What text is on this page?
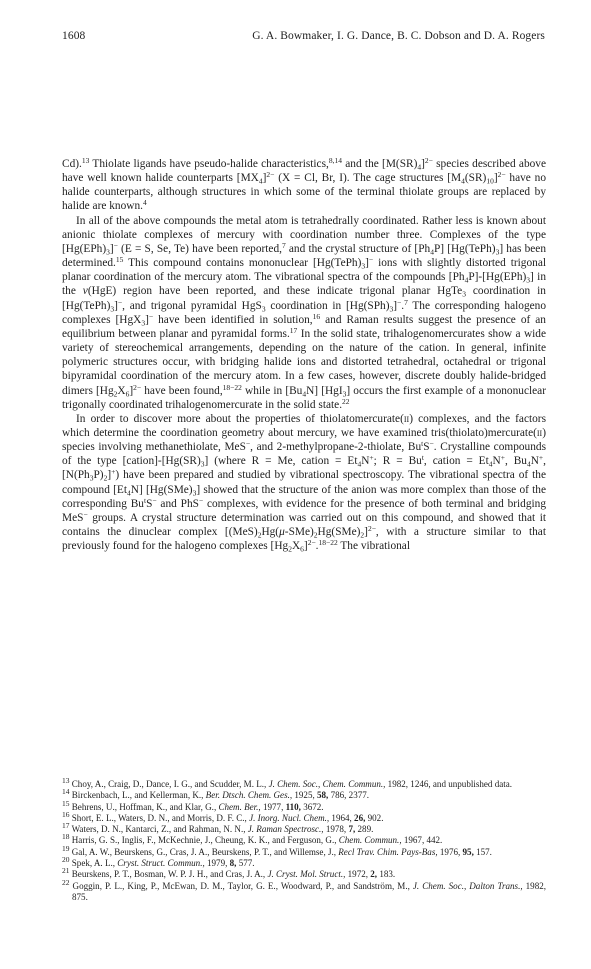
1608	G. A. Bowmaker, I. G. Dance, B. C. Dobson and D. A. Rogers

Cd).$^{13}$ Thiolate ligands have pseudo-halide characteristics,$^{8,14}$ and the $[M(SR)_4]^{2-}$ species described above have well known halide counterparts $[MX_4]^{2-}$ (X = Cl, Br, I). The cage structures $[M_4(SR)_{10}]^{2-}$ have no halide counterparts, although structures in which some of the terminal thiolate groups are replaced by halide are known.$^4$

In all of the above compounds the metal atom is tetrahedrally coordinated. Rather less is known about anionic thiolate complexes of mercury with coordination number three. Complexes of the type $[Hg(EPh)_3]^-$ (E = S, Se, Te) have been reported,$^7$ and the crystal structure of $[Ph_4P]$ $[Hg(TePh)_3]$ has been determined.$^{15}$ This compound contains mononuclear $[Hg(TePh)_3]^-$ ions with slightly distorted trigonal planar coordination of the mercury atom. The vibrational spectra of the compounds $[Ph_4P]-[Hg(EPh)_3]$ in the ν(HgE) region have been reported, and these indicate trigonal planar HgTe$_3$ coordination in $[Hg(TePh)_3]^-$, and trigonal pyramidal HgS$_3$ coordination in $[Hg(SPh)_3]^-.^7$ The corresponding halogeno complexes [HgX$_3$]− have been identified in solution,$^{16}$ and Raman results suggest the presence of an equilibrium between planar and pyramidal forms.$^{17}$ In the solid state, trihalogenomercurates show a wide variety of stereochemical arrangements, depending on the nature of the cation. In general, infinite polymeric structures occur, with bridging halide ions and distorted tetrahedral, octahedral or trigonal bipyramidal coordination of the mercury atom. In a few cases, however, discrete doubly halide-bridged dimers $[Hg_2X_6]^{2-}$ have been found,$^{18-22}$ while in $[Bu_4N]$ [HgI$_3$] occurs the first example of a mononuclear trigonally coordinated trihalogenomercurate in the solid state.$^{22}$

In order to discover more about the properties of thiolatomercurate(ii) complexes, and the factors which determine the coordination geometry about mercury, we have examined tris(thiolato)mercurate(ii) species involving methanethiolate, MeS−, and 2-methylpropane-2-thiolate, Bu$^t$S−. Crystalline compounds of the type $[cation]-[Hg(SR)_3]$ (where R = Me, cation = $Et_4N^+$; $R = Bu^t$, cation = $Et_4N^+$, $Bu_4N^+$, $[N(Ph_3P)_2]^+$) have been prepared and studied by vibrational spectroscopy. The vibrational spectra of the compound $[Et_4N]$ $[Hg(SMe)_3]$ showed that the structure of the anion was more complex than those of the corresponding Bu$^t$S− and PhS− complexes, with evidence for the presence of both terminal and bridging MeS− groups. A crystal structure determination was carried out on this compound, and showed that it contains the dinuclear complex $[(MeS)_2Hg(\mu-SMe)_2Hg(SMe)_2]^{2-}$, with a structure similar to that previously found for the halogeno complexes $[Hg_2X_6]^{2-}.^{18-22}$ The vibrational

$^{13}$ Choy, A., Craig, D., Dance, I. G., and Scudder, M. L., J. Chem. Soc., Chem. Commun., 1982, 1246, and unpublished data.

$^{14}$ Birckenbach, L., and Kellerman, K., Ber. Dtsch. Chem. Ges., 1925, 58, 786, 2377.

$^{15}$ Behrens, U., Hoffman, K., and Klar, G., Chem. Ber., 1977, 110, 3672.

$^{16}$ Short, E. L., Waters, D. N., and Morris, D. F. C., J. Inorg. Nucl. Chem., 1964, 26, 902.

$^{17}$ Waters, D. N., Kantarci, Z., and Rahman, N. N., J. Raman Spectrosc., 1978, 7, 289.

$^{18}$ Harris, G. S., Inglis, F., McKechnie, J., Cheung, K. K., and Ferguson, G., Chem. Commun., 1967, 442.

$^{19}$ Gal, A. W., Beurskens, G., Cras, J. A., Beurskens, P. T., and Willemse, J., Recl Trav. Chim. Pays-Bas, 1976, 95, 157.

$^{20}$ Spek, A. L., Cryst. Struct. Commun., 1979, 8, 577.

$^{21}$ Beurskens, P. T., Bosman, W. P. J. H., and Cras, J. A., J. Cryst. Mol. Struct., 1972, 2, 183.

$^{22}$ Goggin, P. L., King, P., McEwan, D. M., Taylor, G. E., Woodward, P., and Sandström, M., J. Chem. Soc., Dalton Trans., 1982, 875.
